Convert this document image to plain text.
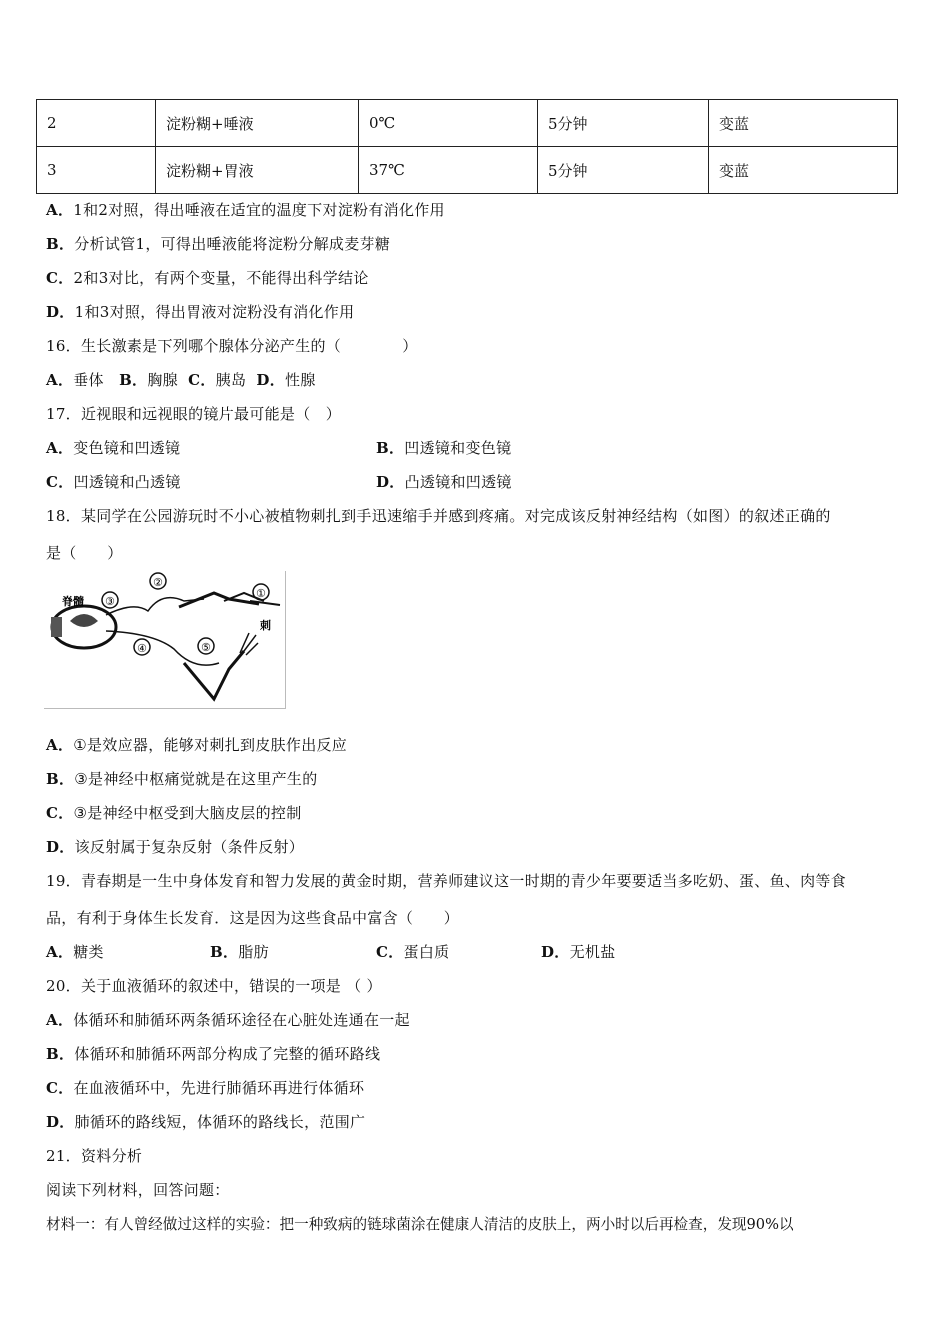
2	淀粉糊+唾液	0℃	5分钟	变蓝
3	淀粉糊+胃液	37℃	5分钟	变蓝
A．1和2对照，得出唾液在适宜的温度下对淀粉有消化作用
B．分析试管1，可得出唾液能将淀粉分解成麦芽糖
C．2和3对比，有两个变量，不能得出科学结论
D．1和3对照，得出胃液对淀粉没有消化作用
16．生长激素是下列哪个腺体分泌产生的（　　　　）
A．垂体 B．胸腺 C．胰岛 D．性腺
17．近视眼和远视眼的镜片最可能是（　）
A．变色镜和凹透镜	B．凹透镜和变色镜
C．凹透镜和凸透镜	D．凸透镜和凹透镜
18．某同学在公园游玩时不小心被植物刺扎到手迅速缩手并感到疼痛。对完成该反射神经结构（如图）的叙述正确的
是（　　）
脊髓 ③
②
①
刺
④	⑤
A．①是效应器，能够对刺扎到皮肤作出反应
B．③是神经中枢痛觉就是在这里产生的
C．③是神经中枢受到大脑皮层的控制
D．该反射属于复杂反射（条件反射）
19．青春期是一生中身体发育和智力发展的黄金时期，营养师建议这一时期的青少年要要适当多吃奶、蛋、鱼、肉等食
品，有利于身体生长发育．这是因为这些食品中富含（　　）
A．糖类	B．脂肪	C．蛋白质	D．无机盐
20．关于血液循环的叙述中，错误的一项是 （ ）
A．体循环和肺循环两条循环途径在心脏处连通在一起
B．体循环和肺循环两部分构成了完整的循环路线
C．在血液循环中，先进行肺循环再进行体循环
D．肺循环的路线短，体循环的路线长，范围广
21．资料分析
阅读下列材料，回答问题：
材料一：有人曾经做过这样的实验：把一种致病的链球菌涂在健康人清洁的皮肤上，两小时以后再检查，发现90%以
